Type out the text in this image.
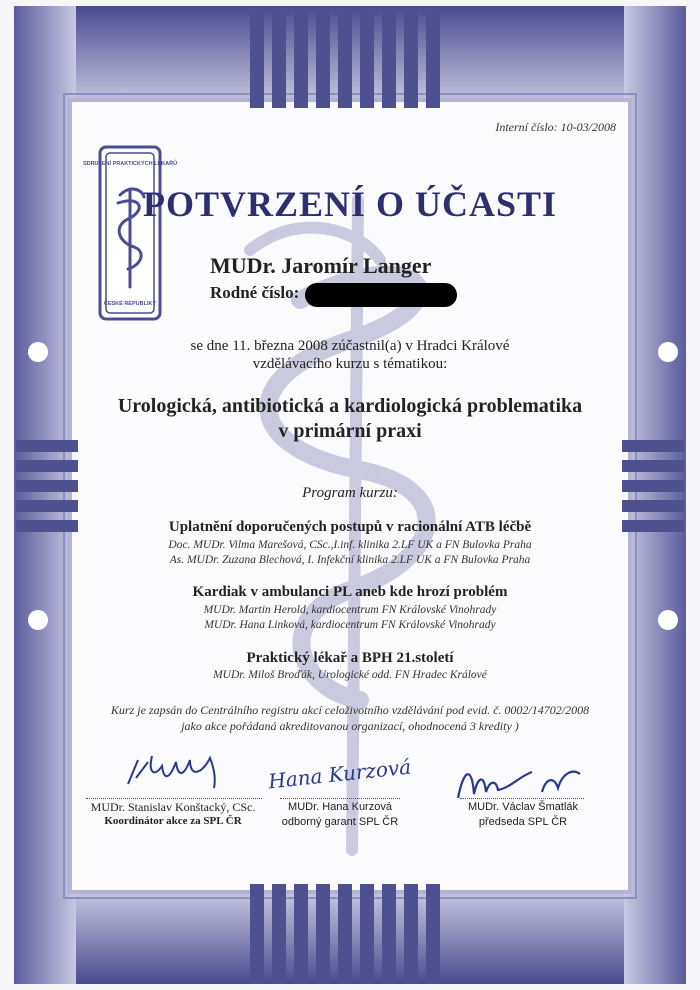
SDRUŽENÍ PRAKTICKÝCH LÉKAŘŮ
ČESKÉ REPUBLIKY
Interní číslo: 10-03/2008
POTVRZENÍ O ÚČASTI
MUDr. Jaromír Langer
Rodné číslo:
se dne 11. března 2008 zúčastnil(a) v Hradci Králové
vzdělávacího kurzu s tématikou:
Urologická, antibiotická a kardiologická problematika
v primární praxi
Program kurzu:
Uplatnění doporučených postupů v racionální ATB léčbě
Doc. MUDr. Vilma Marešová, CSc.,I.inf. klinika 2.LF UK a FN Bulovka Praha
As. MUDr. Zuzana Blechová, I. Infekční klinika 2.LF UK a FN Bulovka Praha
Kardiak v ambulanci PL aneb kde hrozí problém
MUDr. Martin Herold, kardiocentrum FN Královské Vinohrady
MUDr. Hana Linková, kardiocentrum FN Královské Vinohrady
Praktický lékař a BPH 21.století
MUDr. Miloš Broďák, Urologické odd. FN Hradec Králové
Kurz je zapsán do Centrálního registru akcí celoživotního vzdělávání pod evid. č. 0002/14702/2008
jako akce pořádaná akreditovanou organizací, ohodnocená 3 kredity )
Hana Kurzová
MUDr. Stanislav Konštacký, CSc.
Koordinátor akce za SPL ČR
MUDr. Hana Kurzová
odborný garant SPL ČR
MUDr. Václav Šmatlák
předseda SPL ČR
